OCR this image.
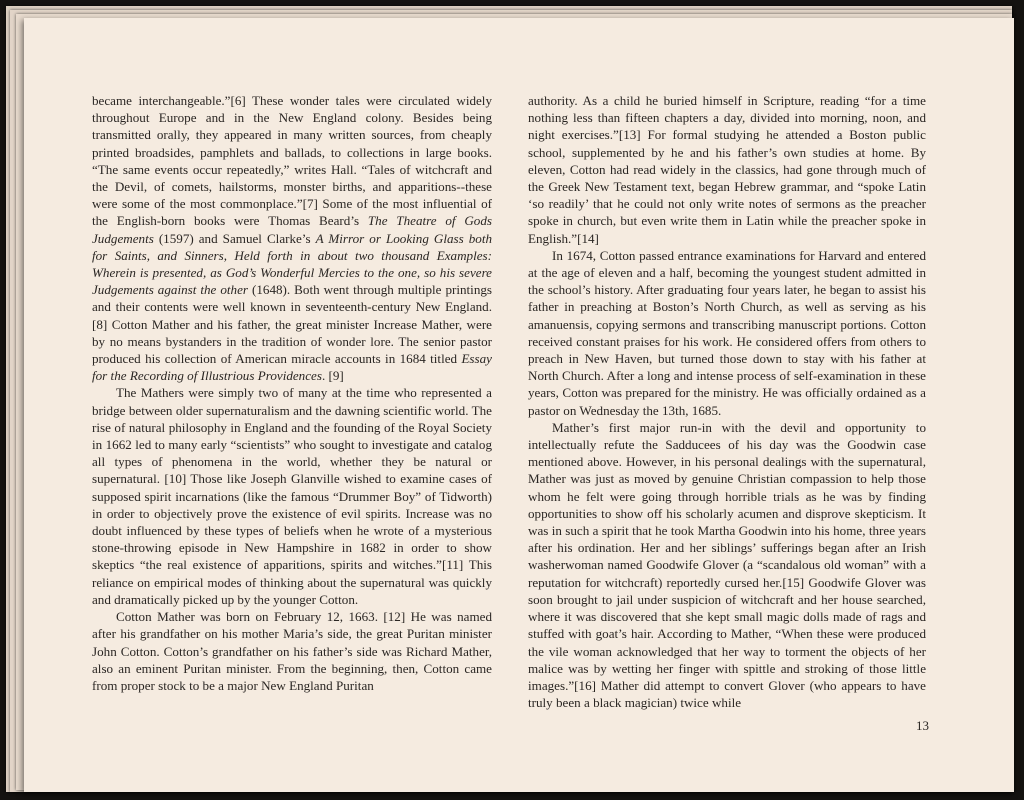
became interchangeable.”[6] These wonder tales were circulated widely throughout Europe and in the New England colony. Besides being transmitted orally, they appeared in many written sources, from cheaply printed broadsides, pamphlets and ballads, to collections in large books. “The same events occur repeatedly,” writes Hall. “Tales of witchcraft and the Devil, of comets, hailstorms, monster births, and apparitions--these were some of the most commonplace.”[7] Some of the most influential of the English-born books were Thomas Beard’s The Theatre of Gods Judgements (1597) and Samuel Clarke’s A Mirror or Looking Glass both for Saints, and Sinners, Held forth in about two thousand Examples: Wherein is presented, as God’s Wonderful Mercies to the one, so his severe Judgements against the other (1648). Both went through multiple printings and their contents were well known in seventeenth-century New England. [8] Cotton Mather and his father, the great minister Increase Mather, were by no means bystanders in the tradition of wonder lore. The senior pastor produced his collection of American miracle accounts in 1684 titled Essay for the Recording of Illustrious Providences. [9]

The Mathers were simply two of many at the time who represented a bridge between older supernaturalism and the dawning scientific world. The rise of natural philosophy in England and the founding of the Royal Society in 1662 led to many early “scientists” who sought to investigate and catalog all types of phenomena in the world, whether they be natural or supernatural. [10] Those like Joseph Glanville wished to examine cases of supposed spirit incarnations (like the famous “Drummer Boy” of Tidworth) in order to objectively prove the existence of evil spirits. Increase was no doubt influenced by these types of beliefs when he wrote of a mysterious stone-throwing episode in New Hampshire in 1682 in order to show skeptics “the real existence of apparitions, spirits and witches.”[11] This reliance on empirical modes of thinking about the supernatural was quickly and dramatically picked up by the younger Cotton.

Cotton Mather was born on February 12, 1663. [12] He was named after his grandfather on his mother Maria’s side, the great Puritan minister John Cotton. Cotton’s grandfather on his father’s side was Richard Mather, also an eminent Puritan minister. From the beginning, then, Cotton came from proper stock to be a major New England Puritan

authority. As a child he buried himself in Scripture, reading “for a time nothing less than fifteen chapters a day, divided into morning, noon, and night exercises.”[13] For formal studying he attended a Boston public school, supplemented by he and his father’s own studies at home. By eleven, Cotton had read widely in the classics, had gone through much of the Greek New Testament text, began Hebrew grammar, and “spoke Latin ‘so readily’ that he could not only write notes of sermons as the preacher spoke in church, but even write them in Latin while the preacher spoke in English.”[14]

In 1674, Cotton passed entrance examinations for Harvard and entered at the age of eleven and a half, becoming the youngest student admitted in the school’s history. After graduating four years later, he began to assist his father in preaching at Boston’s North Church, as well as serving as his amanuensis, copying sermons and transcribing manuscript portions. Cotton received constant praises for his work. He considered offers from others to preach in New Haven, but turned those down to stay with his father at North Church. After a long and intense process of self-examination in these years, Cotton was prepared for the ministry. He was officially ordained as a pastor on Wednesday the 13th, 1685.

Mather’s first major run-in with the devil and opportunity to intellectually refute the Sadducees of his day was the Goodwin case mentioned above. However, in his personal dealings with the supernatural, Mather was just as moved by genuine Christian compassion to help those whom he felt were going through horrible trials as he was by finding opportunities to show off his scholarly acumen and disprove skepticism. It was in such a spirit that he took Martha Goodwin into his home, three years after his ordination. Her and her siblings’ sufferings began after an Irish washerwoman named Goodwife Glover (a “scandalous old woman” with a reputation for witchcraft) reportedly cursed her.[15] Goodwife Glover was soon brought to jail under suspicion of witchcraft and her house searched, where it was discovered that she kept small magic dolls made of rags and stuffed with goat’s hair. According to Mather, “When these were produced the vile woman acknowledged that her way to torment the objects of her malice was by wetting her finger with spittle and stroking of those little images.”[16] Mather did attempt to convert Glover (who appears to have truly been a black magician) twice while

13
